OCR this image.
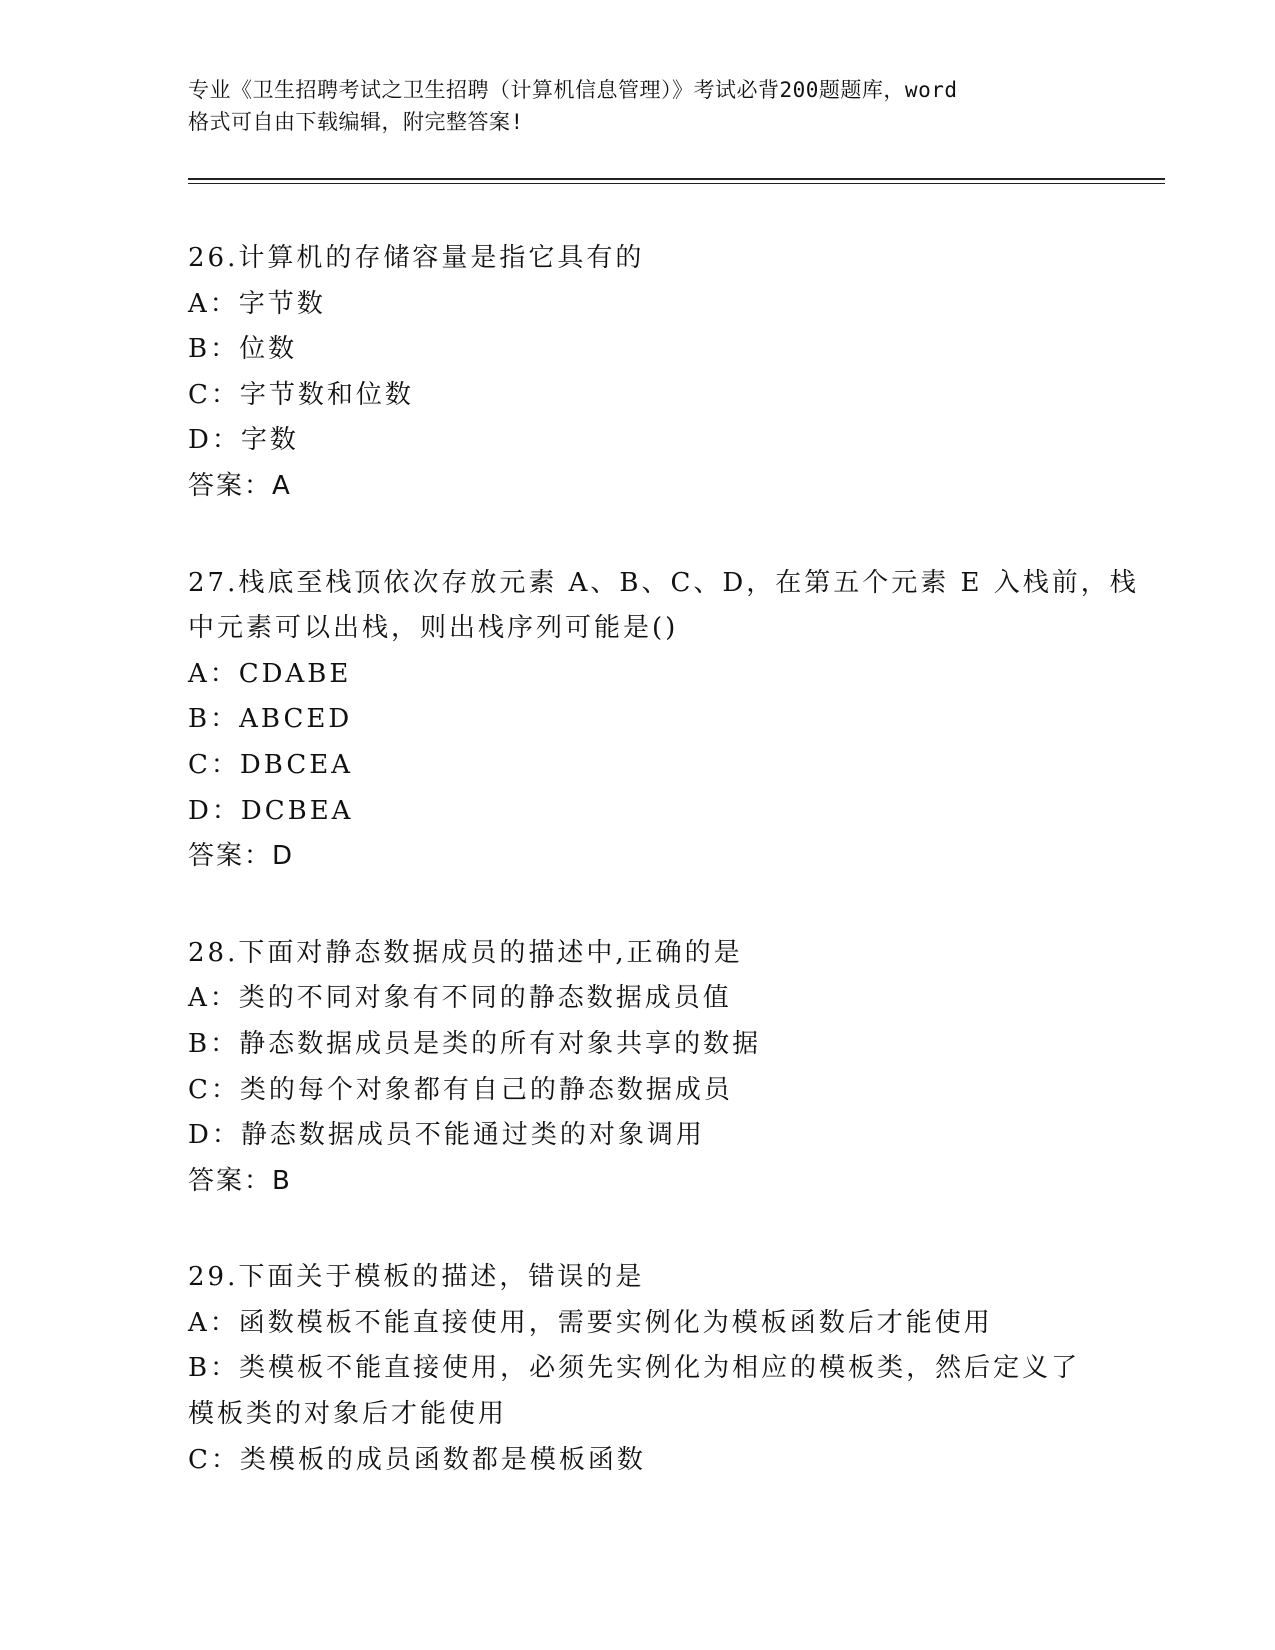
专业《卫生招聘考试之卫生招聘（计算机信息管理）》考试必背200题题库，word
格式可自由下载编辑，附完整答案!
26.计算机的存储容量是指它具有的
A：字节数
B：位数
C：字节数和位数
D：字数
答案：A
27.栈底至栈顶依次存放元素 A、B、C、D，在第五个元素 E 入栈前，栈
中元素可以出栈，则出栈序列可能是()
A：CDABE
B：ABCED
C：DBCEA
D：DCBEA
答案：D
28.下面对静态数据成员的描述中,正确的是
A：类的不同对象有不同的静态数据成员值
B：静态数据成员是类的所有对象共享的数据
C：类的每个对象都有自己的静态数据成员
D：静态数据成员不能通过类的对象调用
答案：B
29.下面关于模板的描述，错误的是
A：函数模板不能直接使用，需要实例化为模板函数后才能使用
B：类模板不能直接使用，必须先实例化为相应的模板类，然后定义了
模板类的对象后才能使用
C：类模板的成员函数都是模板函数
